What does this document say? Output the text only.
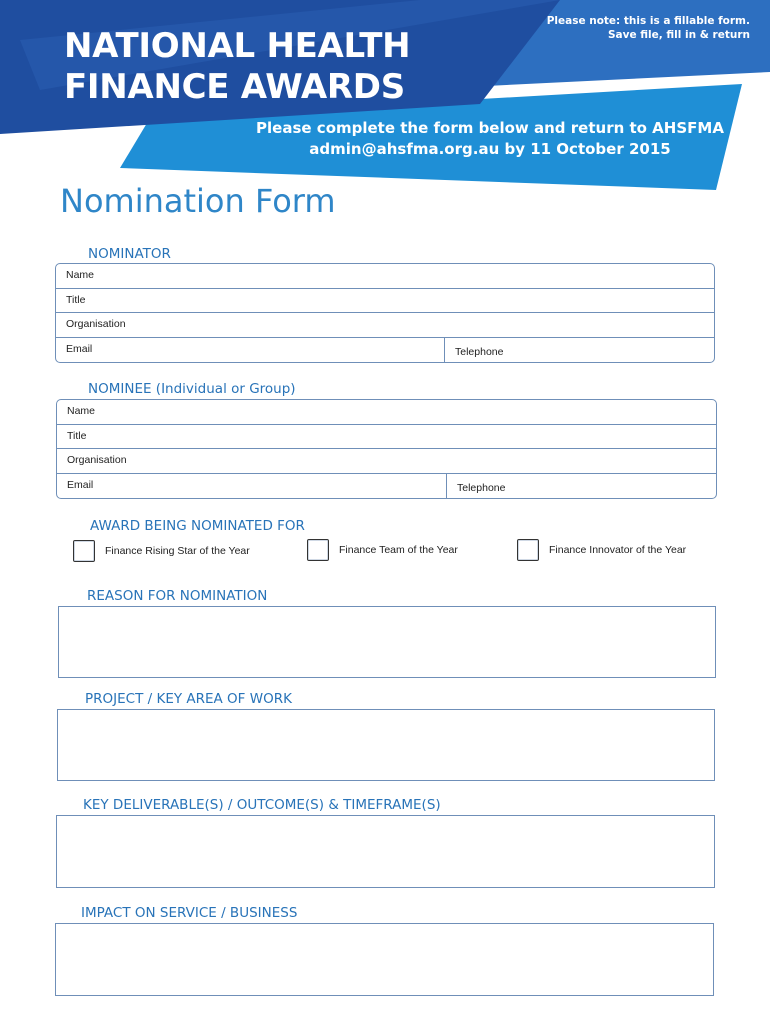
NATIONAL HEALTH
FINANCE AWARDS
Please note: this is a fillable form.
Save file, fill in & return
Please complete the form below and return to AHSFMA
admin@ahsfma.org.au by 11 October 2015
Nomination Form
NOMINATOR
Name
Title
Organisation
Email	Telephone
NOMINEE (Individual or Group)
Name
Title
Organisation
Email	Telephone
AWARD BEING NOMINATED FOR
Finance Rising Star of the Year	Finance Team of the Year	Finance Innovator of the Year
REASON FOR NOMINATION
PROJECT / KEY AREA OF WORK
KEY DELIVERABLE(S) / OUTCOME(S) & TIMEFRAME(S)
IMPACT ON SERVICE / BUSINESS
